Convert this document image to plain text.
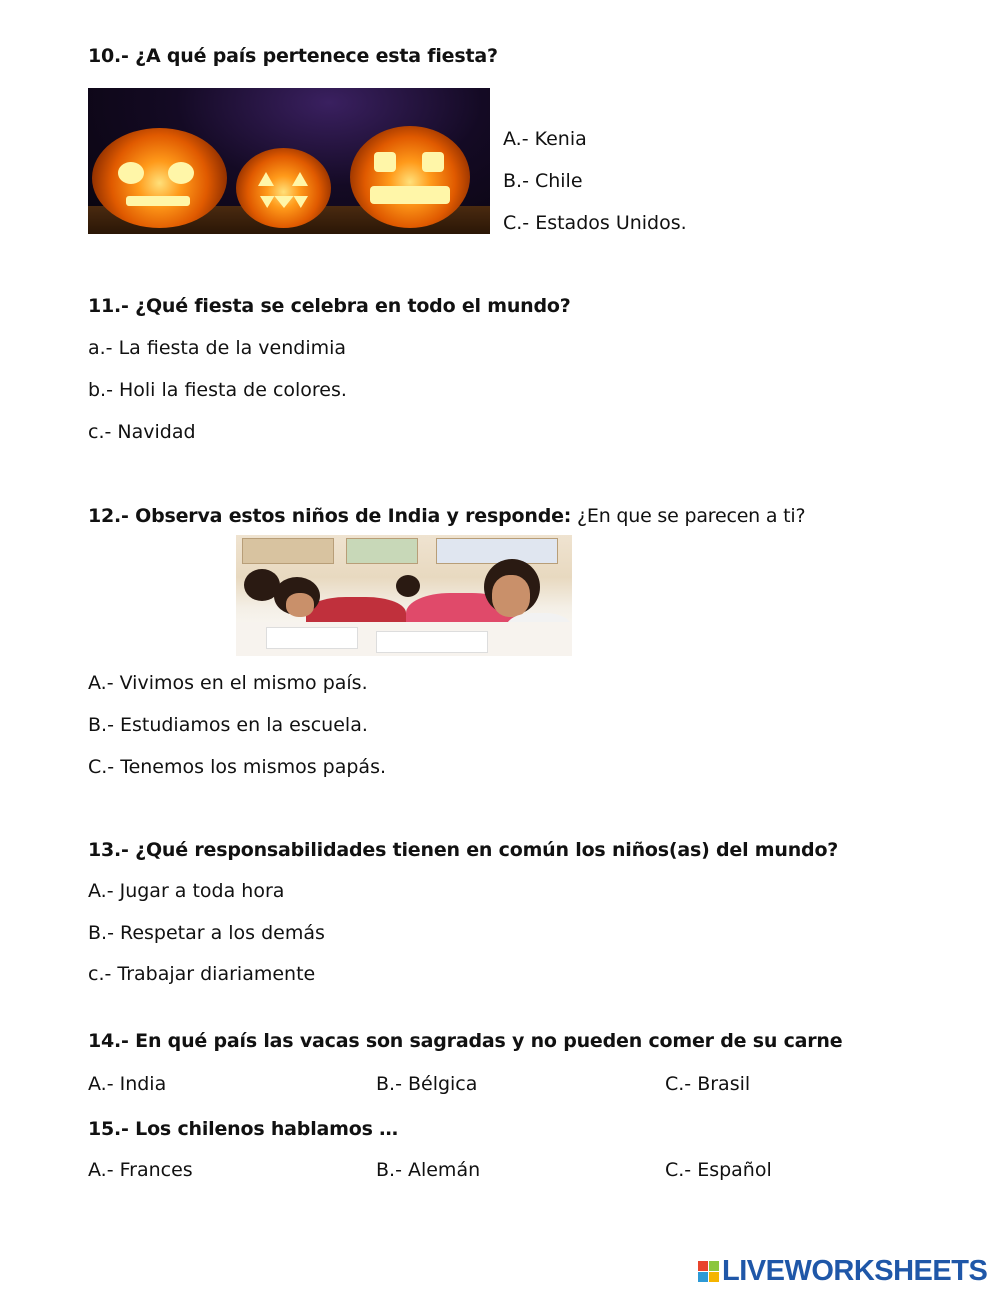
10.- ¿A qué país pertenece esta fiesta?
A.- Kenia
B.- Chile
C.- Estados Unidos.
11.- ¿Qué fiesta se celebra en todo el mundo?
a.- La fiesta de la vendimia
b.- Holi la fiesta de colores.
c.- Navidad
12.- Observa estos niños de India y responde: ¿En que se parecen a ti?
A.- Vivimos en el mismo país.
B.- Estudiamos en la escuela.
C.- Tenemos los mismos papás.
13.- ¿Qué responsabilidades tienen en común los niños(as) del mundo?
A.- Jugar a toda hora
B.- Respetar a los demás
c.- Trabajar diariamente
14.- En qué país las vacas son sagradas y no pueden comer de su carne
A.- India	B.- Bélgica	C.- Brasil
15.- Los chilenos hablamos …
A.- Frances	B.- Alemán	C.- Español
LIVEWORKSHEETS
